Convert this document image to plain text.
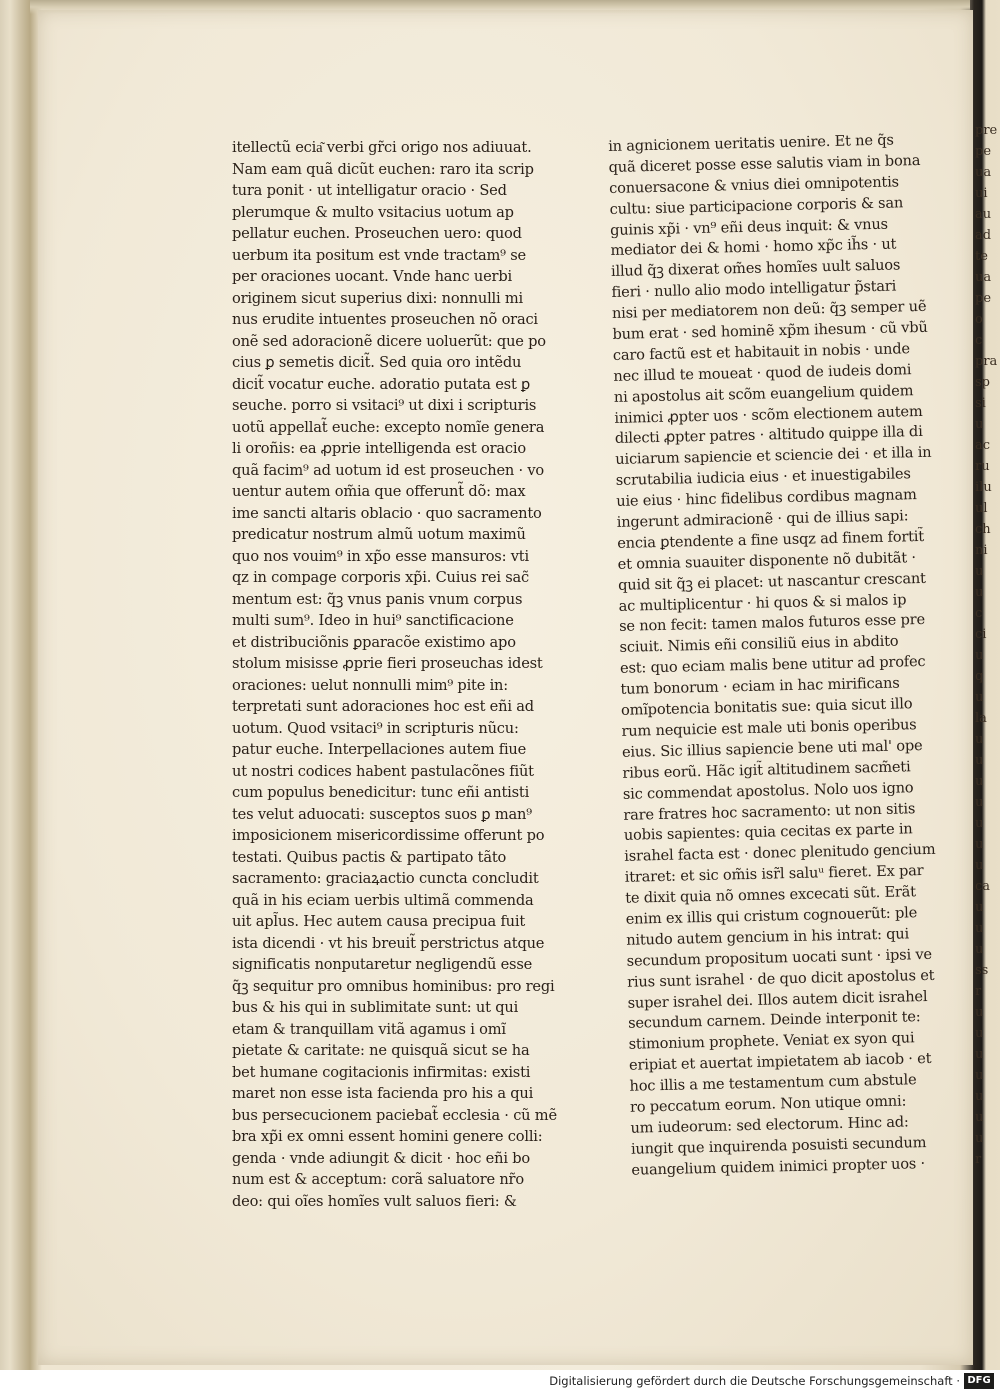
itellectũ ecia͂ verbi gr̃ci origo nos adiuuat.
Nam eam quã dicũt euchen: raro ita scrip
tura ponit · ut intelligatur oracio · Sed
plerumque & multo vsitacius uotum ap
pellatur euchen. Proseuchen uero: quod
uerbum ita positum est vnde tractam⁹ se
per oraciones uocant. Vnde hanc uerbi
originem sicut superius dixi: nonnulli mi
nus erudite intuentes proseuchen nõ oraci
onẽ sed adoracionẽ dicere uoluerũt: que po
cius ꝑ semetis dicit̃. Sed quia oro intẽdu
dicit̃ vocatur euche. adoratio putata est ꝑ
seuche. porro si vsitaci⁹ ut dixi i scripturis
uotũ appellat̃ euche: excepto nomĩe genera
li oroñis: ea ꝓprie intelligenda est oracio
quã facim⁹ ad uotum id est proseuchen · vo
uentur autem om̃ia que offerunt̃ dõ: max
ime sancti altaris oblacio · quo sacramento
predicatur nostrum almũ uotum maximũ
quo nos vouim⁹ in xp̃o esse mansuros: vti
qz in compage corporis xp̃i. Cuius rei sac̃
mentum est: q̃ꝫ vnus panis vnum corpus
multi sum⁹. Ideo in hui⁹ sanctificacione
et distribuciõnis ꝑparacõe existimo apo
stolum misisse ꝓprie fieri proseuchas idest
oraciones: uelut nonnulli mim⁹ pite in:
terpretati sunt adoraciones hoc est eñi ad
uotum. Quod vsitaci⁹ in scripturis nũcu:
patur euche. Interpellaciones autem fiue
ut nostri codices habent pastulacõnes fiũt
cum populus benedicitur: tunc eñi antisti
tes velut aduocati: susceptos suos ꝑ man⁹
imposicionem misericordissime offerunt po
testati. Quibus pactis & partipato tãto
sacramento: graciaꝝactio cuncta concludit
quã in his eciam uerbis ultimã commenda
uit apl̃us. Hec autem causa precipua fuit
ista dicendi · vt his breuit̃ perstrictus atque
significatis nonputaretur negligendũ esse
q̃ꝫ sequitur pro omnibus hominibus: pro regi
bus & his qui in sublimitate sunt: ut qui
etam & tranquillam vitã agamus i omĩ
pietate & caritate: ne quisquã sicut se ha
bet humane cogitacionis infirmitas: existi
maret non esse ista facienda pro his a qui
bus persecucionem paciebat̃ ecclesia · cũ mẽ
bra xp̃i ex omni essent homini genere colli:
genda · vnde adiungit & dicit · hoc eñi bo
num est & acceptum: corã saluatore nr̃o
deo: qui oĩes homĩes vult saluos fieri: &
in agnicionem ueritatis uenire. Et ne q̃s
quã diceret posse esse salutis viam in bona
conuersacone & vnius diei omnipotentis
cultu: siue participacione corporis & san
guinis xp̃i · vn⁹ eñi deus inquit: & vnus
mediator dei & homi · homo xp̃c ih̃s · ut
illud q̃ꝫ dixerat om̃es homĩes uult saluos
fieri · nullo alio modo intelligatur p̃stari
nisi per mediatorem non deũ: q̃ꝫ semper uẽ
bum erat · sed hominẽ xp̃m ihesum · cũ vbũ
caro factũ est et habitauit in nobis · unde
nec illud te moueat · quod de iudeis domi
ni apostolus ait scõm euangelium quidem
inimici ꝓpter uos · scõm electionem autem
dilecti ꝓpter patres · altitudo quippe illa di
uiciarum sapiencie et sciencie dei · et illa in
scrutabilia iudicia eius · et inuestigabiles
uie eius · hinc fidelibus cordibus magnam
ingerunt admiracionẽ · qui de illius sapi:
encia ꝑtendente a fine usqz ad finem fortit̃
et omnia suauiter disponente nõ dubitãt ·
quid sit q̃ꝫ ei placet: ut nascantur crescant
ac multiplicentur · hi quos & si malos ip
se non fecit: tamen malos futuros esse pre
sciuit. Nimis eñi consiliũ eius in abdito
est: quo eciam malis bene utitur ad profec
tum bonorum · eciam in hac mirificans
omĩpotencia bonitatis sue: quia sicut illo
rum nequicie est male uti bonis operibus
eius. Sic illius sapiencie bene uti mal' ope
ribus eorũ. Hãc igit̃ altitudinem sacm̃eti
sic commendat apostolus. Nolo uos igno
rare fratres hoc sacramento: ut non sitis
uobis sapientes: quia cecitas ex parte in
israhel facta est · donec plenitudo gencium
itraret: et sic om̃is isr̃l saluᵘ fieret. Ex par
te dixit quia nõ omnes excecati sũt. Erãt
enim ex illis qui cristum cognouerũt: ple
nitudo autem gencium in his intrat: qui
secundum propositum uocati sunt · ipsi ve
rius sunt israhel · de quo dicit apostolus et
super israhel dei. Illos autem dicit israhel
secundum carnem. Deinde interponit te:
stimonium prophete. Veniat ex syon qui
eripiat et auertat impietatem ab iacob · et
hoc illis a me testamentum cum abstule
ro peccatum eorum. Non utique omni:
um iudeorum: sed electorum. Hinc ad:
iungit que inquirenda posuisti secundum
euangelium quidem inimici propter uos ·
pre
pe
ua
ui
au
ad
te
ua
pe
o
c
pra
sp
si
u
ac
ru
ilu
ul
ch
ni
u
u
c
ci
u
q
u
la
u
u
u
u
u
u
u
ca
u
u
u
ss
r
u
u
u
u
u
u
u
r
Digitalisierung gefördert durch die Deutsche Forschungsgemeinschaft · DFG
